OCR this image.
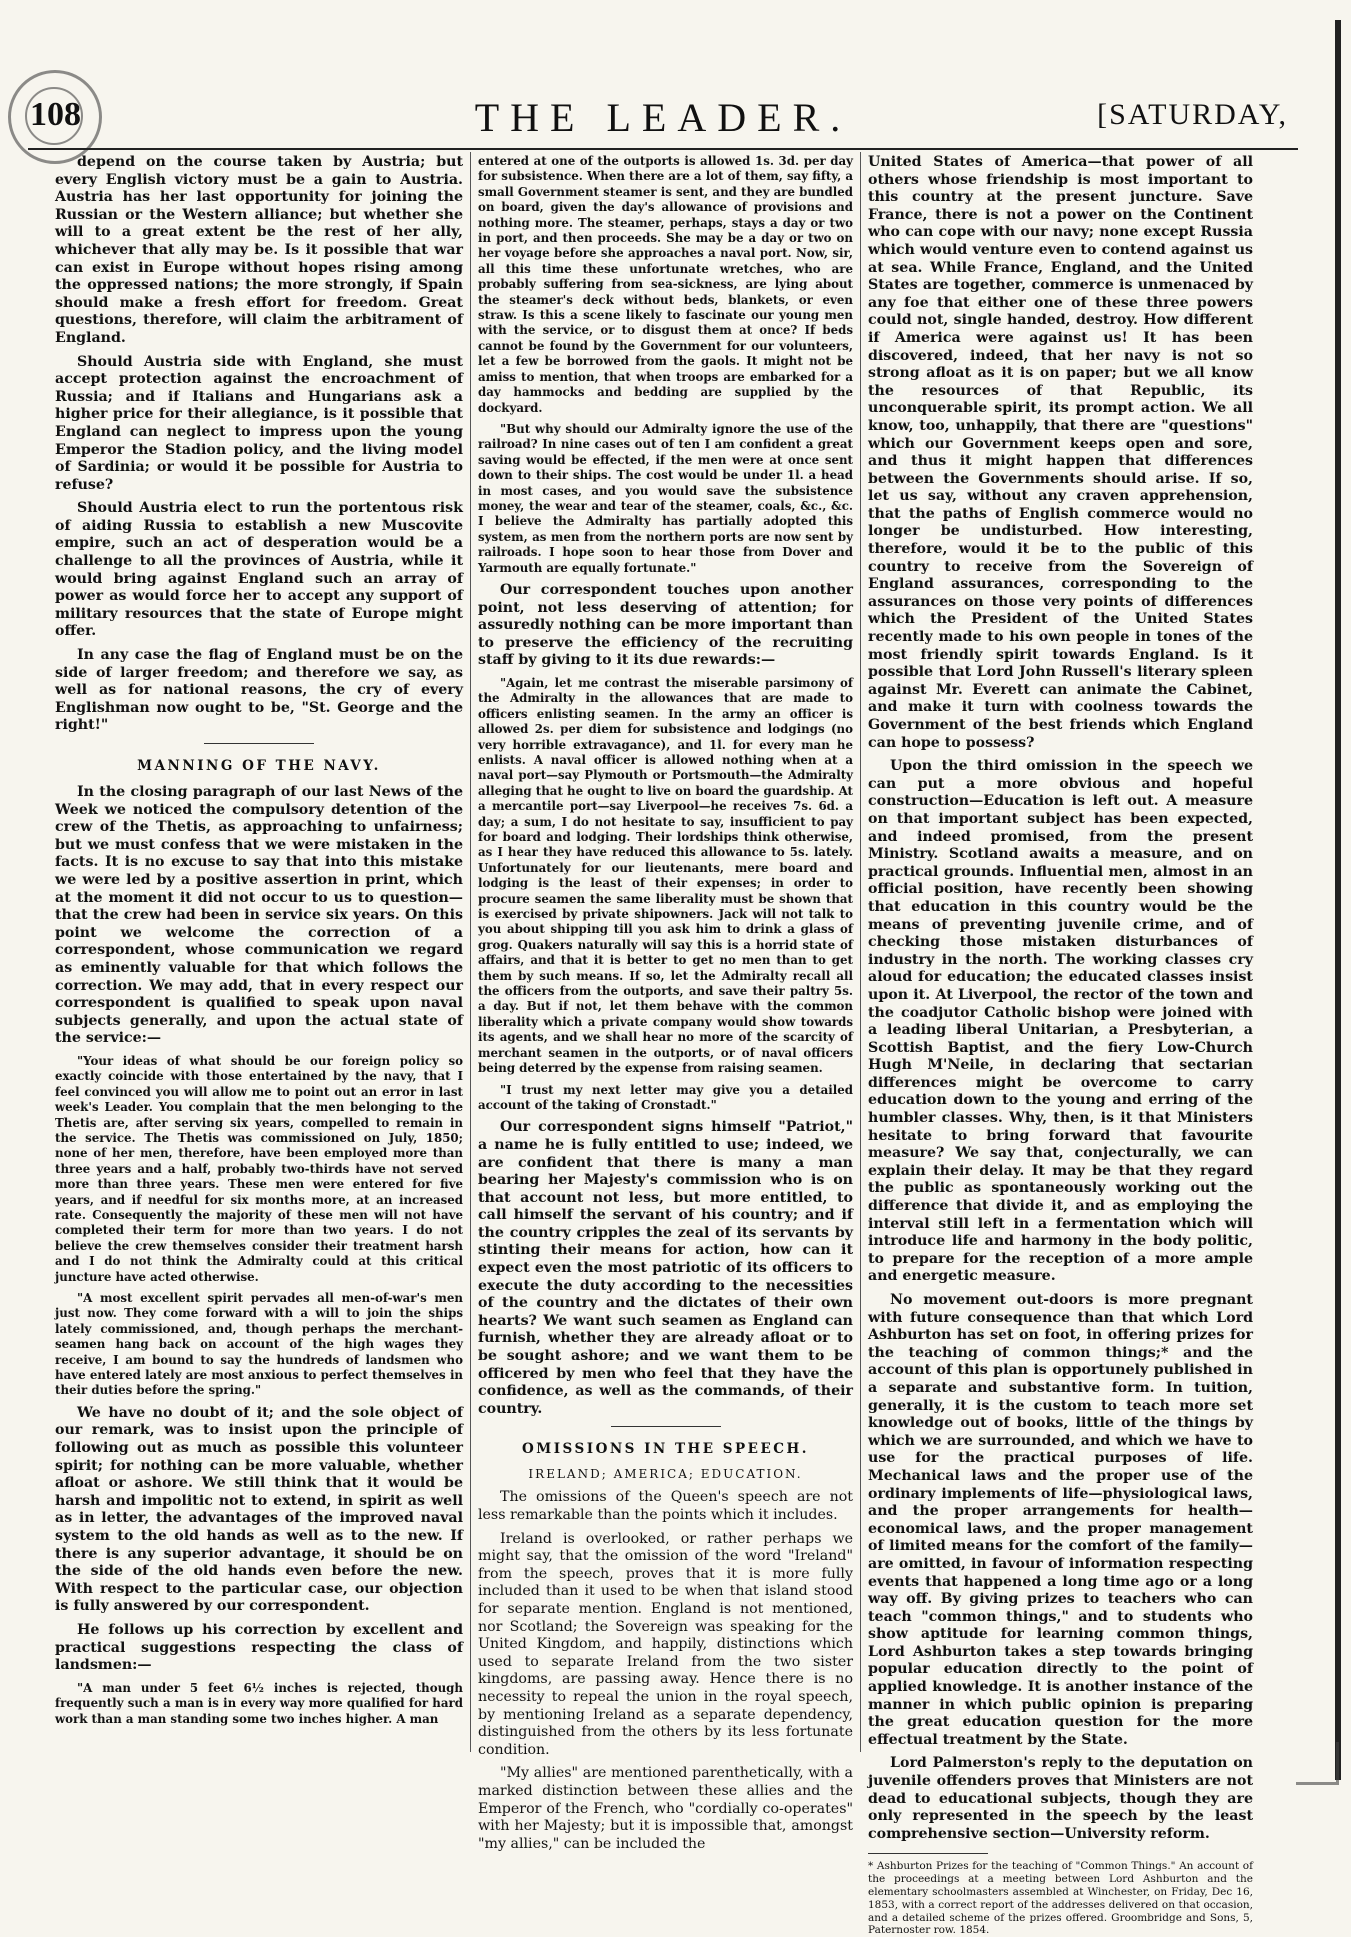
108	THE LEADER.	[SATURDAY,

depend on the course taken by Austria; but every English victory must be a gain to Austria. Austria has her last opportunity for joining the Russian or the Western alliance; but whether she will to a great extent be the rest of her ally, whichever that ally may be. Is it possible that war can exist in Europe without hopes rising among the oppressed nations; the more strongly, if Spain should make a fresh effort for freedom. Great questions, therefore, will claim the arbitrament of England.

Should Austria side with England, she must accept protection against the encroachment of Russia; and if Italians and Hungarians ask a higher price for their allegiance, is it possible that England can neglect to impress upon the young Emperor the Stadion policy, and the living model of Sardinia; or would it be possible for Austria to refuse?

Should Austria elect to run the portentous risk of aiding Russia to establish a new Muscovite empire, such an act of desperation would be a challenge to all the provinces of Austria, while it would bring against England such an array of power as would force her to accept any support of military resources that the state of Europe might offer.

In any case the flag of England must be on the side of larger freedom; and therefore we say, as well as for national reasons, the cry of every Englishman now ought to be, "St. George and the right!"

MANNING OF THE NAVY.

In the closing paragraph of our last News of the Week we noticed the compulsory detention of the crew of the Thetis, as approaching to unfairness; but we must confess that we were mistaken in the facts. It is no excuse to say that into this mistake we were led by a positive assertion in print, which at the moment it did not occur to us to question—that the crew had been in service six years. On this point we welcome the correction of a correspondent, whose communication we regard as eminently valuable for that which follows the correction. We may add, that in every respect our correspondent is qualified to speak upon naval subjects generally, and upon the actual state of the service:—

"Your ideas of what should be our foreign policy so exactly coincide with those entertained by the navy, that I feel convinced you will allow me to point out an error in last week's Leader. You complain that the men belonging to the Thetis are, after serving six years, compelled to remain in the service. The Thetis was commissioned on July, 1850; none of her men, therefore, have been employed more than three years and a half, probably two-thirds have not served more than three years. These men were entered for five years, and if needful for six months more, at an increased rate. Consequently the majority of these men will not have completed their term for more than two years. I do not believe the crew themselves consider their treatment harsh and I do not think the Admiralty could at this critical juncture have acted otherwise.

"A most excellent spirit pervades all men-of-war's men just now. They come forward with a will to join the ships lately commissioned, and, though perhaps the merchant-seamen hang back on account of the high wages they receive, I am bound to say the hundreds of landsmen who have entered lately are most anxious to perfect themselves in their duties before the spring."

We have no doubt of it; and the sole object of our remark, was to insist upon the principle of following out as much as possible this volunteer spirit; for nothing can be more valuable, whether afloat or ashore. We still think that it would be harsh and impolitic not to extend, in spirit as well as in letter, the advantages of the improved naval system to the old hands as well as to the new. If there is any superior advantage, it should be on the side of the old hands even before the new. With respect to the particular case, our objection is fully answered by our correspondent.

He follows up his correction by excellent and practical suggestions respecting the class of landsmen:—

"A man under 5 feet 6½ inches is rejected, though frequently such a man is in every way more qualified for hard work than a man standing some two inches higher. A man

entered at one of the outports is allowed 1s. 3d. per day for subsistence. When there are a lot of them, say fifty, a small Government steamer is sent, and they are bundled on board, given the day's allowance of provisions and nothing more. The steamer, perhaps, stays a day or two in port, and then proceeds. She may be a day or two on her voyage before she approaches a naval port. Now, sir, all this time these unfortunate wretches, who are probably suffering from sea-sickness, are lying about the steamer's deck without beds, blankets, or even straw. Is this a scene likely to fascinate our young men with the service, or to disgust them at once? If beds cannot be found by the Government for our volunteers, let a few be borrowed from the gaols. It might not be amiss to mention, that when troops are embarked for a day hammocks and bedding are supplied by the dockyard.

"But why should our Admiralty ignore the use of the railroad? In nine cases out of ten I am confident a great saving would be effected, if the men were at once sent down to their ships. The cost would be under 1l. a head in most cases, and you would save the subsistence money, the wear and tear of the steamer, coals, &c., &c. I believe the Admiralty has partially adopted this system, as men from the northern ports are now sent by railroads. I hope soon to hear those from Dover and Yarmouth are equally fortunate."

Our correspondent touches upon another point, not less deserving of attention; for assuredly nothing can be more important than to preserve the efficiency of the recruiting staff by giving to it its due rewards:—

"Again, let me contrast the miserable parsimony of the Admiralty in the allowances that are made to officers enlisting seamen. In the army an officer is allowed 2s. per diem for subsistence and lodgings (no very horrible extravagance), and 1l. for every man he enlists. A naval officer is allowed nothing when at a naval port—say Plymouth or Portsmouth—the Admiralty alleging that he ought to live on board the guardship. At a mercantile port—say Liverpool—he receives 7s. 6d. a day; a sum, I do not hesitate to say, insufficient to pay for board and lodging. Their lordships think otherwise, as I hear they have reduced this allowance to 5s. lately. Unfortunately for our lieutenants, mere board and lodging is the least of their expenses; in order to procure seamen the same liberality must be shown that is exercised by private shipowners. Jack will not talk to you about shipping till you ask him to drink a glass of grog. Quakers naturally will say this is a horrid state of affairs, and that it is better to get no men than to get them by such means. If so, let the Admiralty recall all the officers from the outports, and save their paltry 5s. a day. But if not, let them behave with the common liberality which a private company would show towards its agents, and we shall hear no more of the scarcity of merchant seamen in the outports, or of naval officers being deterred by the expense from raising seamen.

"I trust my next letter may give you a detailed account of the taking of Cronstadt."

Our correspondent signs himself "Patriot," a name he is fully entitled to use; indeed, we are confident that there is many a man bearing her Majesty's commission who is on that account not less, but more entitled, to call himself the servant of his country; and if the country cripples the zeal of its servants by stinting their means for action, how can it expect even the most patriotic of its officers to execute the duty according to the necessities of the country and the dictates of their own hearts? We want such seamen as England can furnish, whether they are already afloat or to be sought ashore; and we want them to be officered by men who feel that they have the confidence, as well as the commands, of their country.

OMISSIONS IN THE SPEECH.
IRELAND; AMERICA; EDUCATION.

The omissions of the Queen's speech are not less remarkable than the points which it includes.

Ireland is overlooked, or rather perhaps we might say, that the omission of the word "Ireland" from the speech, proves that it is more fully included than it used to be when that island stood for separate mention. England is not mentioned, nor Scotland; the Sovereign was speaking for the United Kingdom, and happily, distinctions which used to separate Ireland from the two sister kingdoms, are passing away. Hence there is no necessity to repeal the union in the royal speech, by mentioning Ireland as a separate dependency, distinguished from the others by its less fortunate condition.

"My allies" are mentioned parenthetically, with a marked distinction between these allies and the Emperor of the French, who "cordially co-operates" with her Majesty; but it is impossible that, amongst "my allies," can be included the

United States of America—that power of all others whose friendship is most important to this country at the present juncture. Save France, there is not a power on the Continent who can cope with our navy; none except Russia which would venture even to contend against us at sea. While France, England, and the United States are together, commerce is unmenaced by any foe that either one of these three powers could not, single handed, destroy. How different if America were against us! It has been discovered, indeed, that her navy is not so strong afloat as it is on paper; but we all know the resources of that Republic, its unconquerable spirit, its prompt action. We all know, too, unhappily, that there are "questions" which our Government keeps open and sore, and thus it might happen that differences between the Governments should arise. If so, let us say, without any craven apprehension, that the paths of English commerce would no longer be undisturbed. How interesting, therefore, would it be to the public of this country to receive from the Sovereign of England assurances, corresponding to the assurances on those very points of differences which the President of the United States recently made to his own people in tones of the most friendly spirit towards England. Is it possible that Lord John Russell's literary spleen against Mr. Everett can animate the Cabinet, and make it turn with coolness towards the Government of the best friends which England can hope to possess?

Upon the third omission in the speech we can put a more obvious and hopeful construction—Education is left out. A measure on that important subject has been expected, and indeed promised, from the present Ministry. Scotland awaits a measure, and on practical grounds. Influential men, almost in an official position, have recently been showing that education in this country would be the means of preventing juvenile crime, and of checking those mistaken disturbances of industry in the north. The working classes cry aloud for education; the educated classes insist upon it. At Liverpool, the rector of the town and the coadjutor Catholic bishop were joined with a leading liberal Unitarian, a Presbyterian, a Scottish Baptist, and the fiery Low-Church Hugh M'Neile, in declaring that sectarian differences might be overcome to carry education down to the young and erring of the humbler classes. Why, then, is it that Ministers hesitate to bring forward that favourite measure? We say that, conjecturally, we can explain their delay. It may be that they regard the public as spontaneously working out the difference that divide it, and as employing the interval still left in a fermentation which will introduce life and harmony in the body politic, to prepare for the reception of a more ample and energetic measure.

No movement out-doors is more pregnant with future consequence than that which Lord Ashburton has set on foot, in offering prizes for the teaching of common things;* and the account of this plan is opportunely published in a separate and substantive form. In tuition, generally, it is the custom to teach more set knowledge out of books, little of the things by which we are surrounded, and which we have to use for the practical purposes of life. Mechanical laws and the proper use of the ordinary implements of life—physiological laws, and the proper arrangements for health—economical laws, and the proper management of limited means for the comfort of the family—are omitted, in favour of information respecting events that happened a long time ago or a long way off. By giving prizes to teachers who can teach "common things," and to students who show aptitude for learning common things, Lord Ashburton takes a step towards bringing popular education directly to the point of applied knowledge. It is another instance of the manner in which public opinion is preparing the great education question for the more effectual treatment by the State.

Lord Palmerston's reply to the deputation on juvenile offenders proves that Ministers are not dead to educational subjects, though they are only represented in the speech by the least comprehensive section—University reform.

* Ashburton Prizes for the teaching of "Common Things." An account of the proceedings at a meeting between Lord Ashburton and the elementary schoolmasters assembled at Winchester, on Friday, Dec 16, 1853, with a correct report of the addresses delivered on that occasion, and a detailed scheme of the prizes offered. Groombridge and Sons, 5, Paternoster row. 1854.
